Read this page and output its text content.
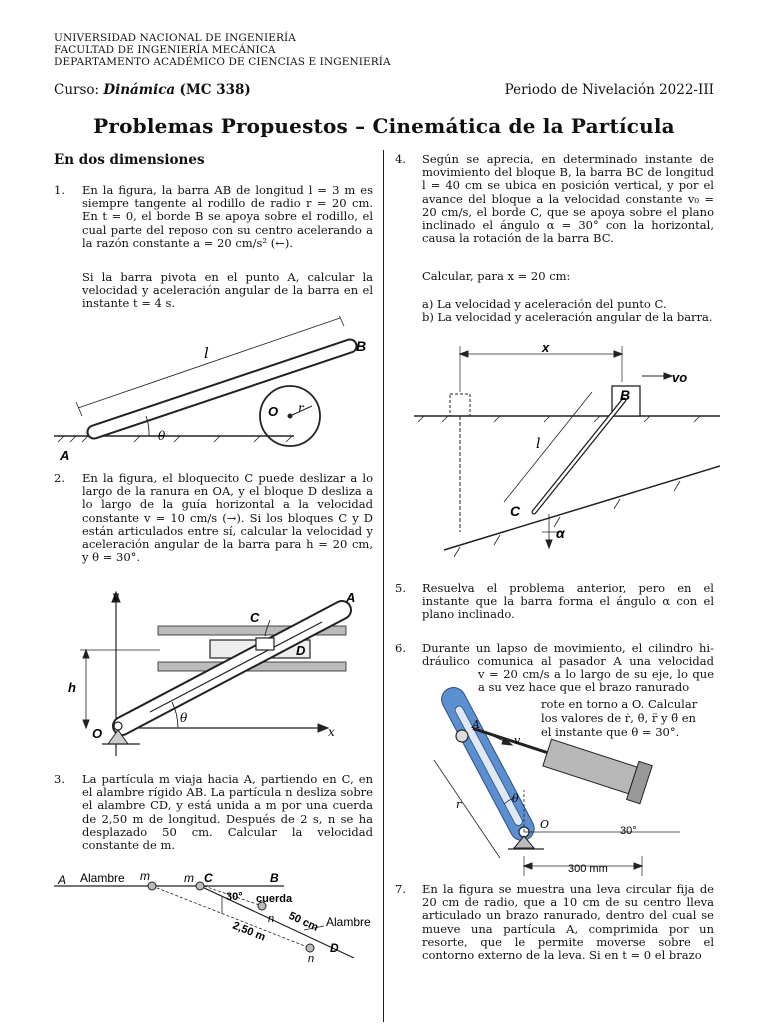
UNIVERSIDAD NACIONAL DE INGENIERÍA
FACULTAD DE INGENIERÍA MECÁNICA
DEPARTAMENTO ACADÉMICO DE CIENCIAS E INGENIERÍA
Curso: Dinámica (MC 338)	Periodo de Nivelación 2022-III
Problemas Propuestos – Cinemática de la Partícula
En dos dimensiones
1. En la figura, la barra AB de longitud l = 3 m es siempre tangente al rodillo de radio r = 20 cm. En t = 0, el borde B se apoya sobre el rodillo, el cual parte del reposo con su centro acelerando a la razón constante a = 20 cm/s² (←).
Si la barra pivota en el punto A, calcular la velocidad y aceleración angular de la barra en el instante t = 4 s.
l	B
O r
θ
A
2. En la figura, el bloquecito C puede deslizar a lo largo de la ranura en OA, y el bloque D desliza a lo largo de la guía horizontal a la velocidad constante v = 10 cm/s (→). Si los bloques C y D están articulados entre sí, calcular la velocidad y aceleración angular de la barra para h = 20 cm, y θ = 30°.
y	A
C
D
h
θ
O	x
3. La partícula m viaja hacia A, partiendo en C, en el alambre rígido AB. La partícula n desliza sobre el alambre CD, y está unida a m por una cuerda de 2,50 m de longitud. Después de 2 s, n se ha desplazado 50 cm. Calcular la velocidad constante de m.
A Alambre m	m C	B
30° cuerda
50 cm
2,50 m
n
n
Alambre
D
4. Según se aprecia, en determinado instante de movimiento del bloque B, la barra BC de longitud l = 40 cm se ubica en posición vertical, y por el avance del bloque a la velocidad constante v₀ = 20 cm/s, el borde C, que se apoya sobre el plano inclinado el ángulo α = 30° con la horizontal, causa la rotación de la barra BC.
Calcular, para x = 20 cm:
a) La velocidad y aceleración del punto C.
b) La velocidad y aceleración angular de la barra.
x
vo
B
l
C
α
5. Resuelva el problema anterior, pero en el instante que la barra forma el ángulo α con el plano inclinado.
6. Durante un lapso de movimiento, el cilindro hi-
dráulico comunica al pasador A una velocidad
v = 20 cm/s a lo largo de su eje, lo que
a su vez hace que el brazo ranurado
rote en torno a O. Calcular
los valores de ṙ, θ̇, r̈ y θ̈ en
el instante que θ = 30°.
A
v
θ
r
O	30°
300 mm
7. En la figura se muestra una leva circular fija de 20 cm de radio, que a 10 cm de su centro lleva articulado un brazo ranurado, dentro del cual se mueve una partícula A, comprimida por un resorte, que le permite moverse sobre el contorno externo de la leva. Si en t = 0 el brazo
